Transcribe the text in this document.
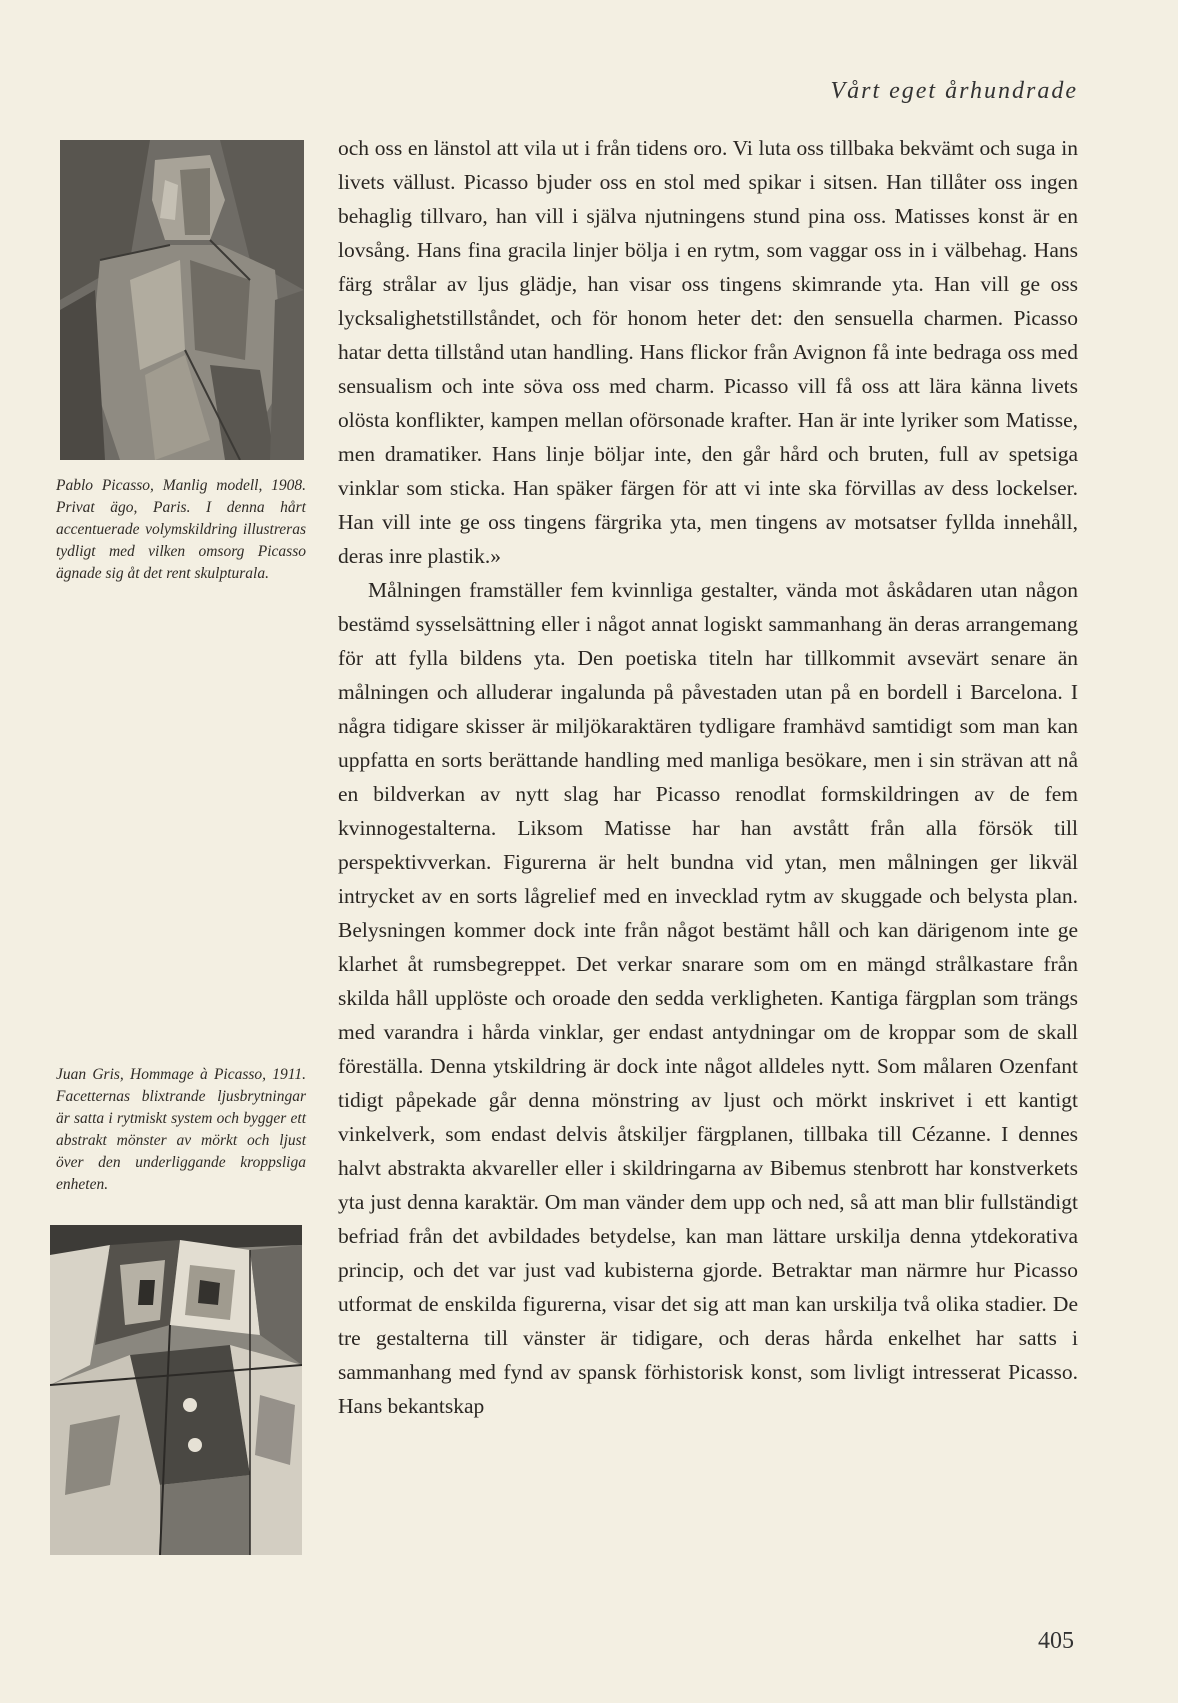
Vårt eget århundrade
Pablo Picasso, Manlig modell, 1908. Privat ägo, Paris. I denna hårt accentuerade volymskildring illustreras tydligt med vilken omsorg Picasso ägnade sig åt det rent skulpturala.
Juan Gris, Hommage à Picasso, 1911. Facetternas blixtrande ljusbrytningar är satta i rytmiskt system och bygger ett abstrakt mönster av mörkt och ljust över den underliggande kroppsliga enheten.

och oss en länstol att vila ut i från tidens oro. Vi luta oss tillbaka bekvämt och suga in livets vällust. Picasso bjuder oss en stol med spikar i sitsen. Han tillåter oss ingen behaglig tillvaro, han vill i själva njutningens stund pina oss. Matisses konst är en lovsång. Hans fina gracila linjer bölja i en rytm, som vaggar oss in i välbehag. Hans färg strålar av ljus glädje, han visar oss tingens skimrande yta. Han vill ge oss lycksalighetstillståndet, och för honom heter det: den sensuella charmen. Picasso hatar detta tillstånd utan handling. Hans flickor från Avignon få inte bedraga oss med sensualism och inte söva oss med charm. Picasso vill få oss att lära känna livets olösta konflikter, kampen mellan oförsonade krafter. Han är inte lyriker som Matisse, men dramatiker. Hans linje böljar inte, den går hård och bruten, full av spetsiga vinklar som sticka. Han späker färgen för att vi inte ska förvillas av dess lockelser. Han vill inte ge oss tingens färgrika yta, men tingens av motsatser fyllda innehåll, deras inre plastik.»

Målningen framställer fem kvinnliga gestalter, vända mot åskådaren utan någon bestämd sysselsättning eller i något annat logiskt sammanhang än deras arrangemang för att fylla bildens yta. Den poetiska titeln har tillkommit avsevärt senare än målningen och alluderar ingalunda på påvestaden utan på en bordell i Barcelona. I några tidigare skisser är miljökaraktären tydligare framhävd samtidigt som man kan uppfatta en sorts berättande handling med manliga besökare, men i sin strävan att nå en bildverkan av nytt slag har Picasso renodlat formskildringen av de fem kvinnogestalterna. Liksom Matisse har han avstått från alla försök till perspektivverkan. Figurerna är helt bundna vid ytan, men målningen ger likväl intrycket av en sorts lågrelief med en invecklad rytm av skuggade och belysta plan. Belysningen kommer dock inte från något bestämt håll och kan därigenom inte ge klarhet åt rumsbegreppet. Det verkar snarare som om en mängd strålkastare från skilda håll upplöste och oroade den sedda verkligheten. Kantiga färgplan som trängs med varandra i hårda vinklar, ger endast antydningar om de kroppar som de skall föreställa. Denna ytskildring är dock inte något alldeles nytt. Som målaren Ozenfant tidigt påpekade går denna mönstring av ljust och mörkt inskrivet i ett kantigt vinkelverk, som endast delvis åtskiljer färgplanen, tillbaka till Cézanne. I dennes halvt abstrakta akvareller eller i skildringarna av Bibemus stenbrott har konstverkets yta just denna karaktär. Om man vänder dem upp och ned, så att man blir fullständigt befriad från det avbildades betydelse, kan man lättare urskilja denna ytdekorativa princip, och det var just vad kubisterna gjorde. Betraktar man närmre hur Picasso utformat de enskilda figurerna, visar det sig att man kan urskilja två olika stadier. De tre gestalterna till vänster är tidigare, och deras hårda enkelhet har satts i sammanhang med fynd av spansk förhistorisk konst, som livligt intresserat Picasso. Hans bekantskap

405
